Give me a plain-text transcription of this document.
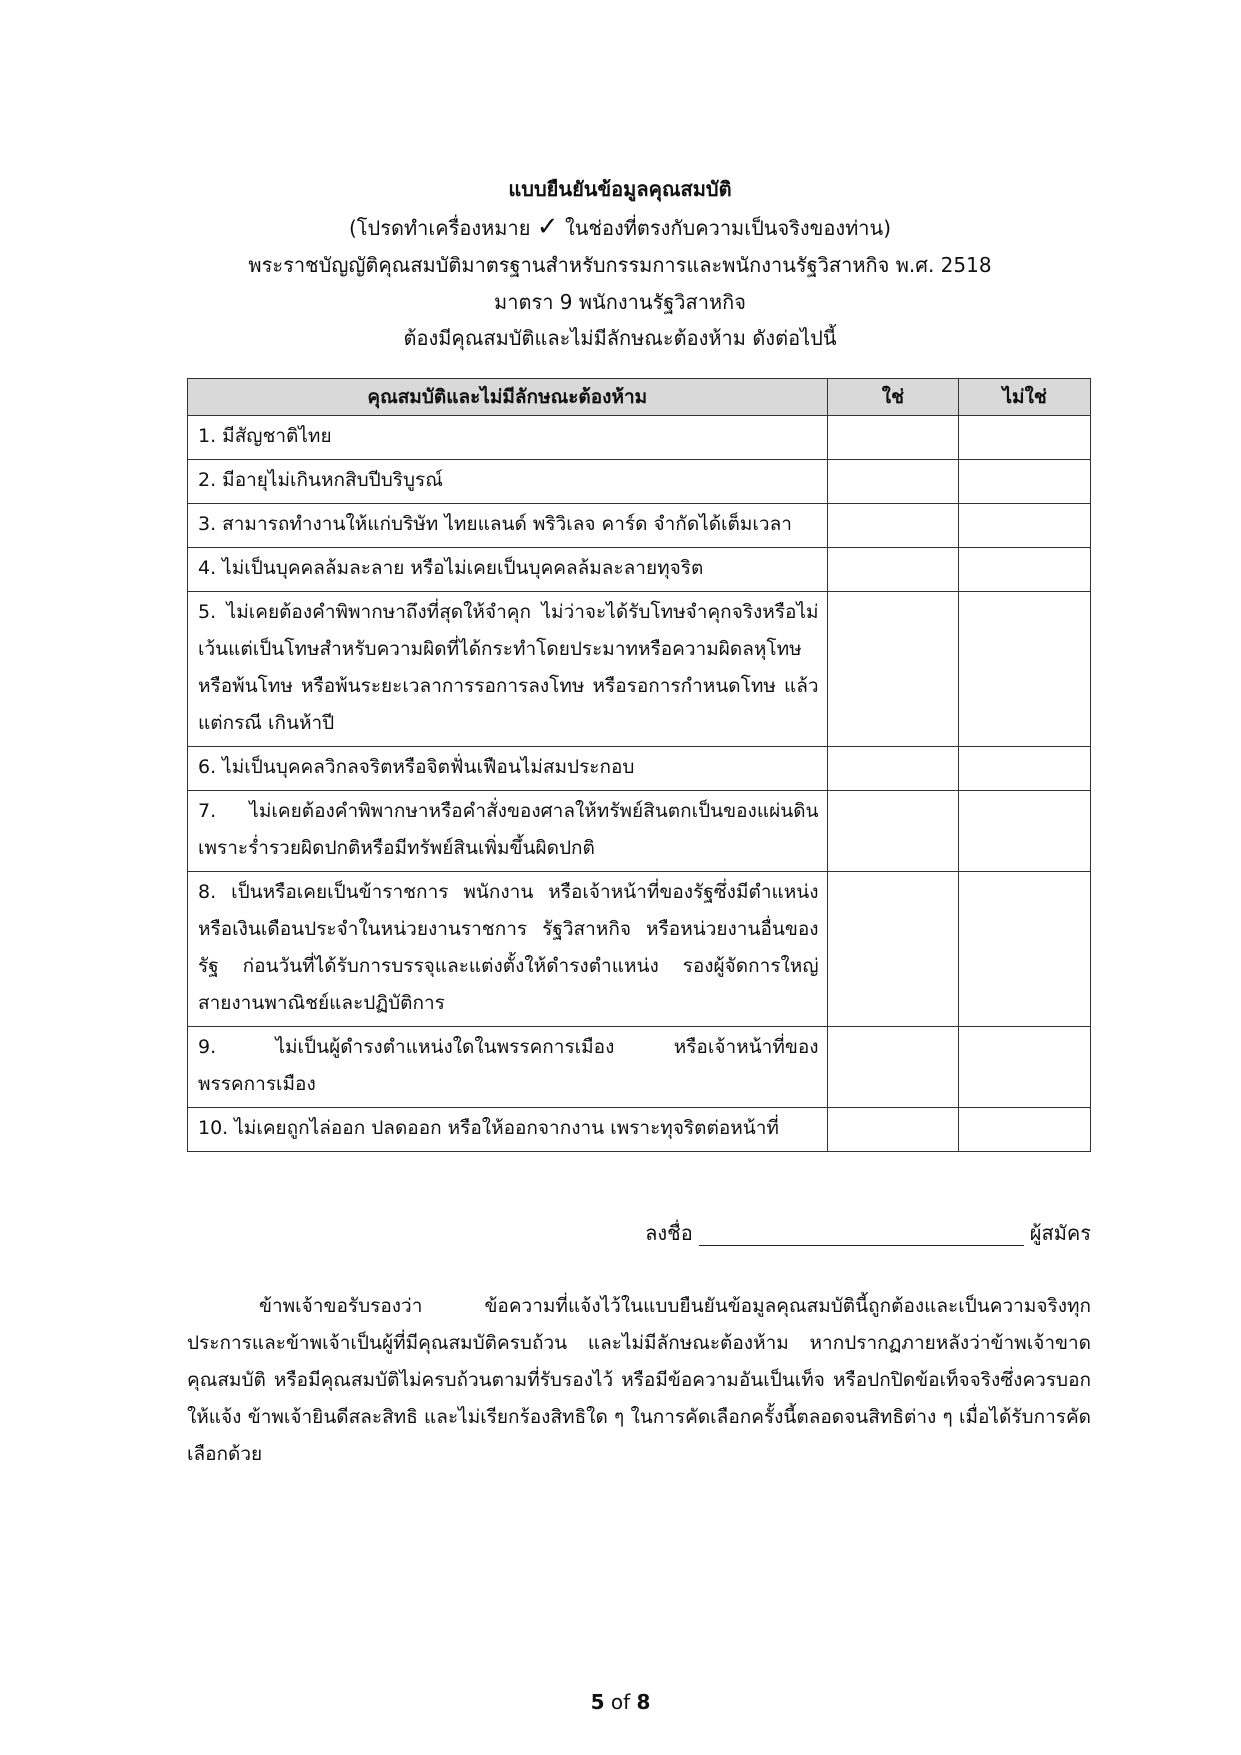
แบบยืนยันข้อมูลคุณสมบัติ
(โปรดทำเครื่องหมาย ✓ ในช่องที่ตรงกับความเป็นจริงของท่าน)
พระราชบัญญัติคุณสมบัติมาตรฐานสำหรับกรรมการและพนักงานรัฐวิสาหกิจ พ.ศ. 2518
มาตรา 9 พนักงานรัฐวิสาหกิจ
ต้องมีคุณสมบัติและไม่มีลักษณะต้องห้าม ดังต่อไปนี้
คุณสมบัติและไม่มีลักษณะต้องห้าม	ใช่	ไม่ใช่
1. มีสัญชาติไทย		
2. มีอายุไม่เกินหกสิบปีบริบูรณ์		
3. สามารถทำงานให้แก่บริษัท ไทยแลนด์ พริวิเลจ คาร์ด จำกัดได้เต็มเวลา		
4. ไม่เป็นบุคคลล้มละลาย หรือไม่เคยเป็นบุคคลล้มละลายทุจริต		
5. ไม่เคยต้องคำพิพากษาถึงที่สุดให้จำคุก ไม่ว่าจะได้รับโทษจำคุกจริงหรือไม่ เว้นแต่เป็นโทษสำหรับความผิดที่ได้กระทำโดยประมาทหรือความผิดลหุโทษ หรือพ้นโทษ หรือพ้นระยะเวลาการรอการลงโทษ หรือรอการกำหนดโทษ แล้วแต่กรณี เกินห้าปี		
6. ไม่เป็นบุคคลวิกลจริตหรือจิตฟั่นเฟือนไม่สมประกอบ		
7. ไม่เคยต้องคำพิพากษาหรือคำสั่งของศาลให้ทรัพย์สินตกเป็นของแผ่นดิน เพราะร่ำรวยผิดปกติหรือมีทรัพย์สินเพิ่มขึ้นผิดปกติ		
8. เป็นหรือเคยเป็นข้าราชการ พนักงาน หรือเจ้าหน้าที่ของรัฐซึ่งมีตำแหน่งหรือเงินเดือนประจำในหน่วยงานราชการ รัฐวิสาหกิจ หรือหน่วยงานอื่นของรัฐ ก่อนวันที่ได้รับการบรรจุและแต่งตั้งให้ดำรงตำแหน่ง รองผู้จัดการใหญ่ สายงานพาณิชย์และปฏิบัติการ		
9. ไม่เป็นผู้ดำรงตำแหน่งใดในพรรคการเมือง หรือเจ้าหน้าที่ของพรรคการเมือง		
10. ไม่เคยถูกไล่ออก ปลดออก หรือให้ออกจากงาน เพราะทุจริตต่อหน้าที่		
ลงชื่อ	ผู้สมัคร

ข้าพเจ้าขอรับรองว่า ข้อความที่แจ้งไว้ในแบบยืนยันข้อมูลคุณสมบัตินี้ถูกต้องและเป็นความจริงทุกประการและข้าพเจ้าเป็นผู้ที่มีคุณสมบัติครบถ้วน และไม่มีลักษณะต้องห้าม หากปรากฏภายหลังว่าข้าพเจ้าขาดคุณสมบัติ หรือมีคุณสมบัติไม่ครบถ้วนตามที่รับรองไว้ หรือมีข้อความอันเป็นเท็จ หรือปกปิดข้อเท็จจริงซึ่งควรบอกให้แจ้ง ข้าพเจ้ายินดีสละสิทธิ และไม่เรียกร้องสิทธิใด ๆ ในการคัดเลือกครั้งนี้ตลอดจนสิทธิต่าง ๆ เมื่อได้รับการคัดเลือกด้วย

5 of 8
